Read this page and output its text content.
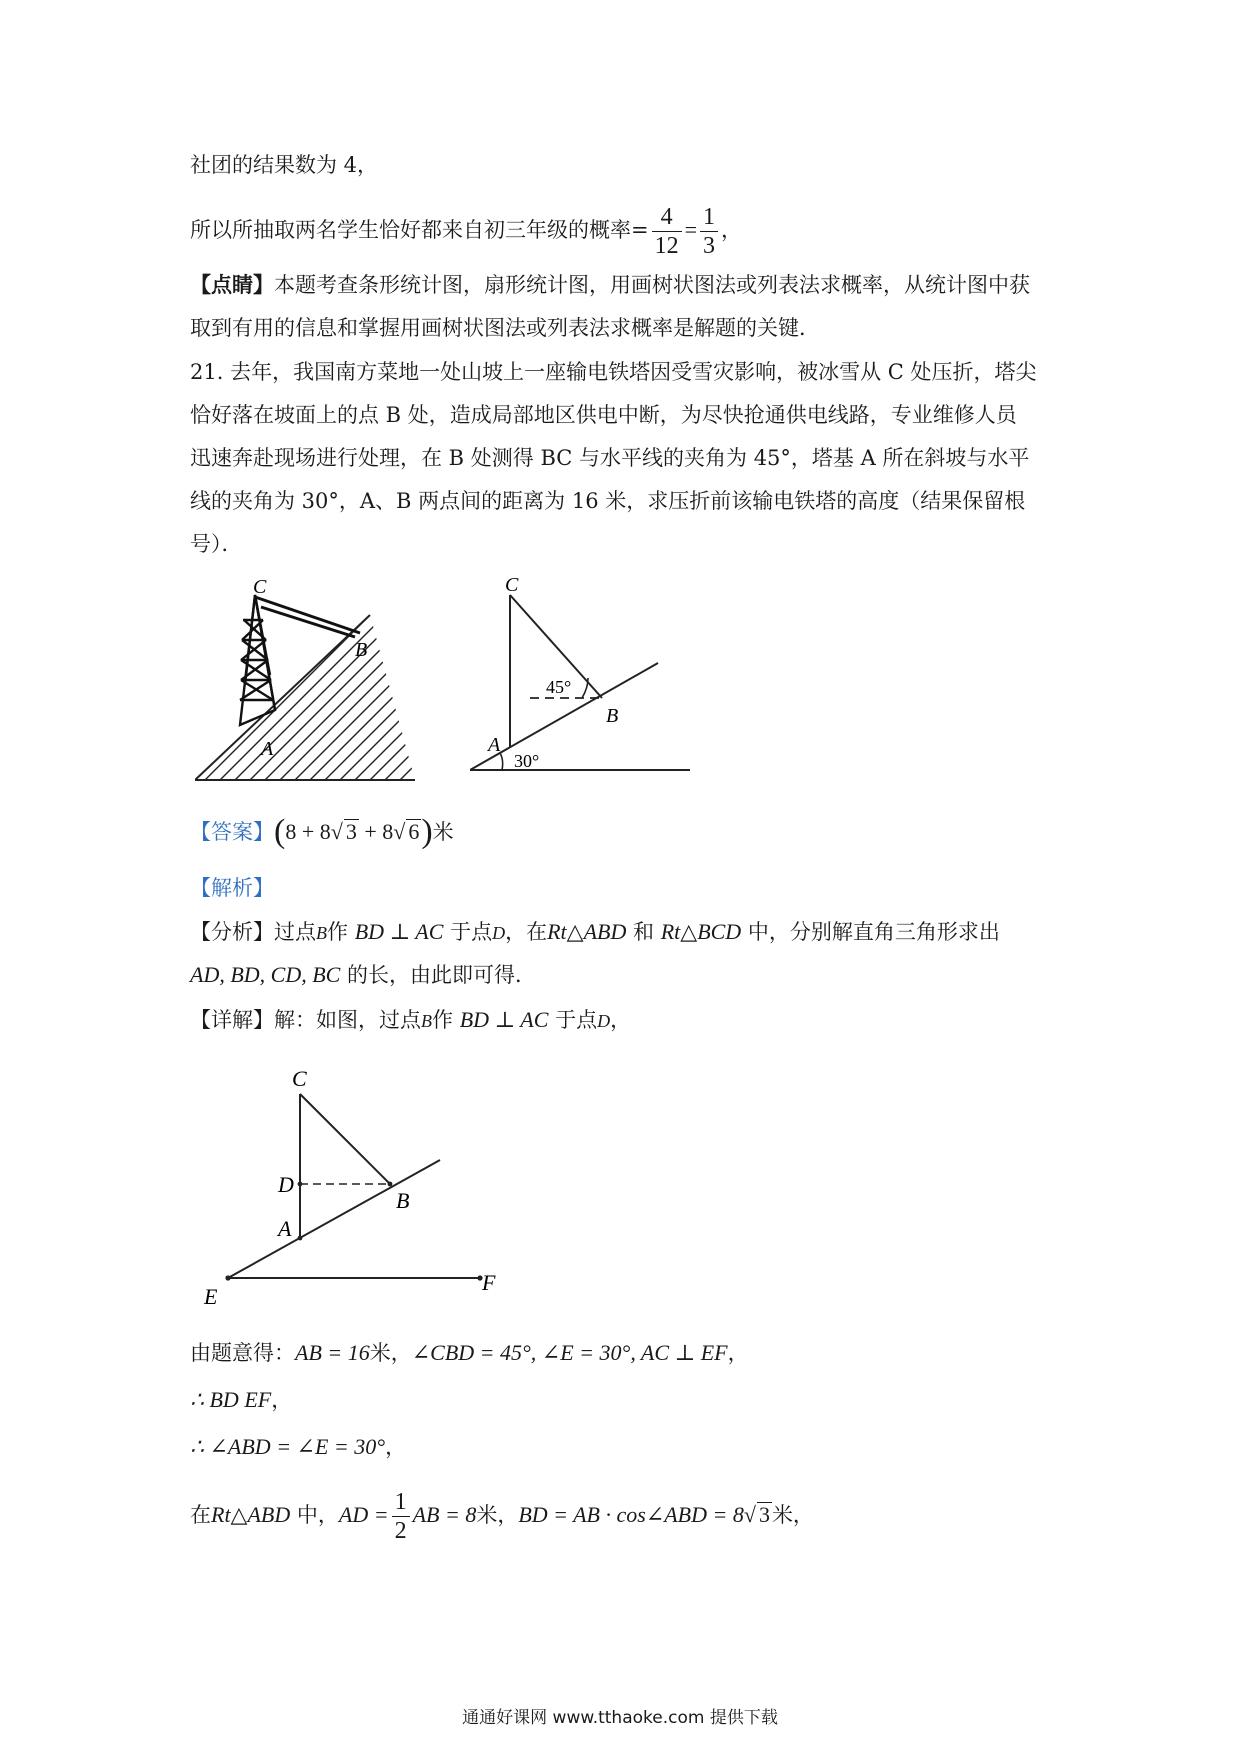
社团的结果数为 4，
所以所抽取两名学生恰好都来自初三年级的概率= $\frac{4}{12} = \frac{1}{3}$ ，
【点睛】本题考查条形统计图，扇形统计图，用画树状图法或列表法求概率，从统计图中获
取到有用的信息和掌握用画树状图法或列表法求概率是解题的关键．
21. 去年，我国南方菜地一处山坡上一座输电铁塔因受雪灾影响，被冰雪从 C 处压折，塔尖
恰好落在坡面上的点 B 处，造成局部地区供电中断，为尽快抢通供电线路，专业维修人员
迅速奔赴现场进行处理，在 B 处测得 BC 与水平线的夹角为 45°，塔基 A 所在斜坡与水平
线的夹角为 30°，A、B 两点间的距离为 16 米，求压折前该输电铁塔的高度（结果保留根
号）．
C
B
A
C
B
A
45°
30°
【答案】(8 + 8√ 3 + 8√ 6)米
【解析】
【分析】过点B作 BD ⊥ AC 于点D，在Rt△ABD 和 Rt△BCD 中，分别解直角三角形求出
AD, BD, CD, BC 的长，由此即可得．
【详解】解：如图，过点B作 BD ⊥ AC 于点D，
C
D
B
A
E
F
由题意得：AB = 16米，∠CBD = 45°, ∠E = 30°, AC ⊥ EF，
∴ BD EF，
∴ ∠ABD = ∠E = 30°，
在Rt△ABD 中，AD = $\frac{1}{2}$ AB = 8米，BD = AB · cos∠ABD = 8√ 3米，
通通好课网 www.tthaoke.com 提供下载
